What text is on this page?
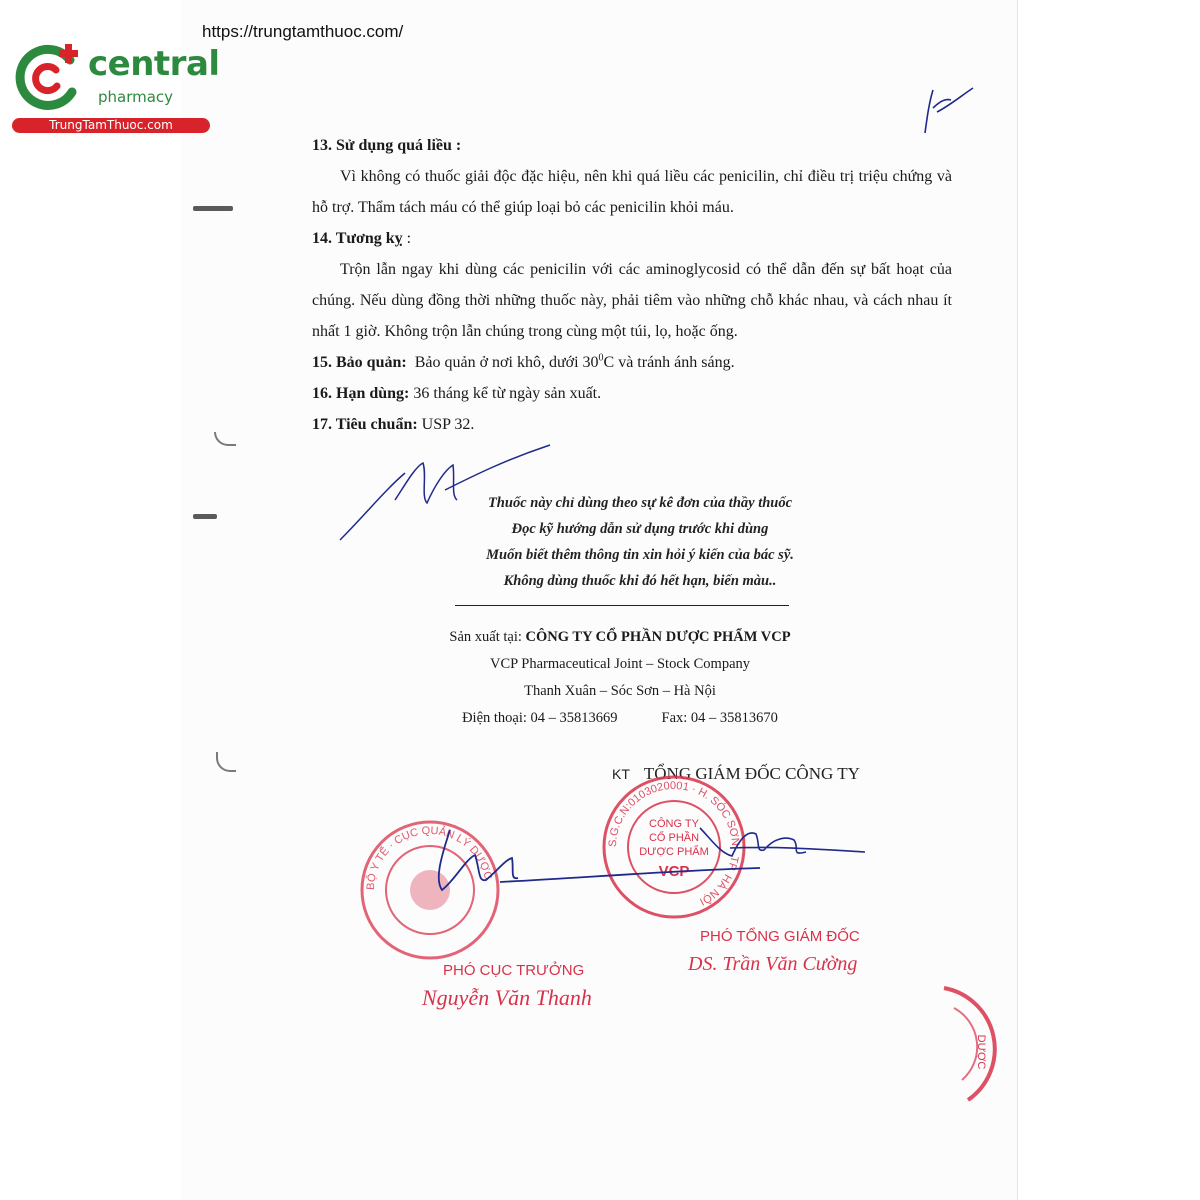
https://trungtamthuoc.com/
central
pharmacy
TrungTamThuoc.com

13. Sử dụng quá liều :

Vì không có thuốc giải độc đặc hiệu, nên khi quá liều các penicilin, chỉ điều trị triệu chứng và hỗ trợ. Thẩm tách máu có thể giúp loại bỏ các penicilin khỏi máu.

14. Tương kỵ :

Trộn lẫn ngay khi dùng các penicilin với các aminoglycosid có thể dẫn đến sự bất hoạt của chúng. Nếu dùng đồng thời những thuốc này, phải tiêm vào những chỗ khác nhau, và cách nhau ít nhất 1 giờ. Không trộn lẫn chúng trong cùng một túi, lọ, hoặc ống.

15. Bảo quản: Bảo quản ở nơi khô, dưới $30^0C$ và tránh ánh sáng.

16. Hạn dùng: 36 tháng kể từ ngày sản xuất.

17. Tiêu chuẩn: USP 32.

Thuốc này chỉ dùng theo sự kê đơn của thầy thuốc
Đọc kỹ hướng dẫn sử dụng trước khi dùng
Muốn biết thêm thông tin xin hỏi ý kiến của bác sỹ.
Không dùng thuốc khi đó hết hạn, biến màu..
Sản xuất tại: CÔNG TY CỔ PHẦN DƯỢC PHẨM VCP
VCP Pharmaceutical Joint – Stock Company
Thanh Xuân – Sóc Sơn – Hà Nội
Điện thoại: 04 – 35813669	Fax: 04 – 35813670
KT TỔNG GIÁM ĐỐC CÔNG TY
S.G.C.N:0103020001 · H. SÓC SƠN · TP. HÀ NỘI
CÔNG TY
CỔ PHẦN
DƯỢC PHẨM
VCP
BỘ Y TẾ · CỤC QUẢN LÝ DƯỢC
DƯỢC
PHÓ TỔNG GIÁM ĐỐC
DS. Trần Văn Cường
PHÓ CỤC TRƯỞNG
Nguyễn Văn Thanh
